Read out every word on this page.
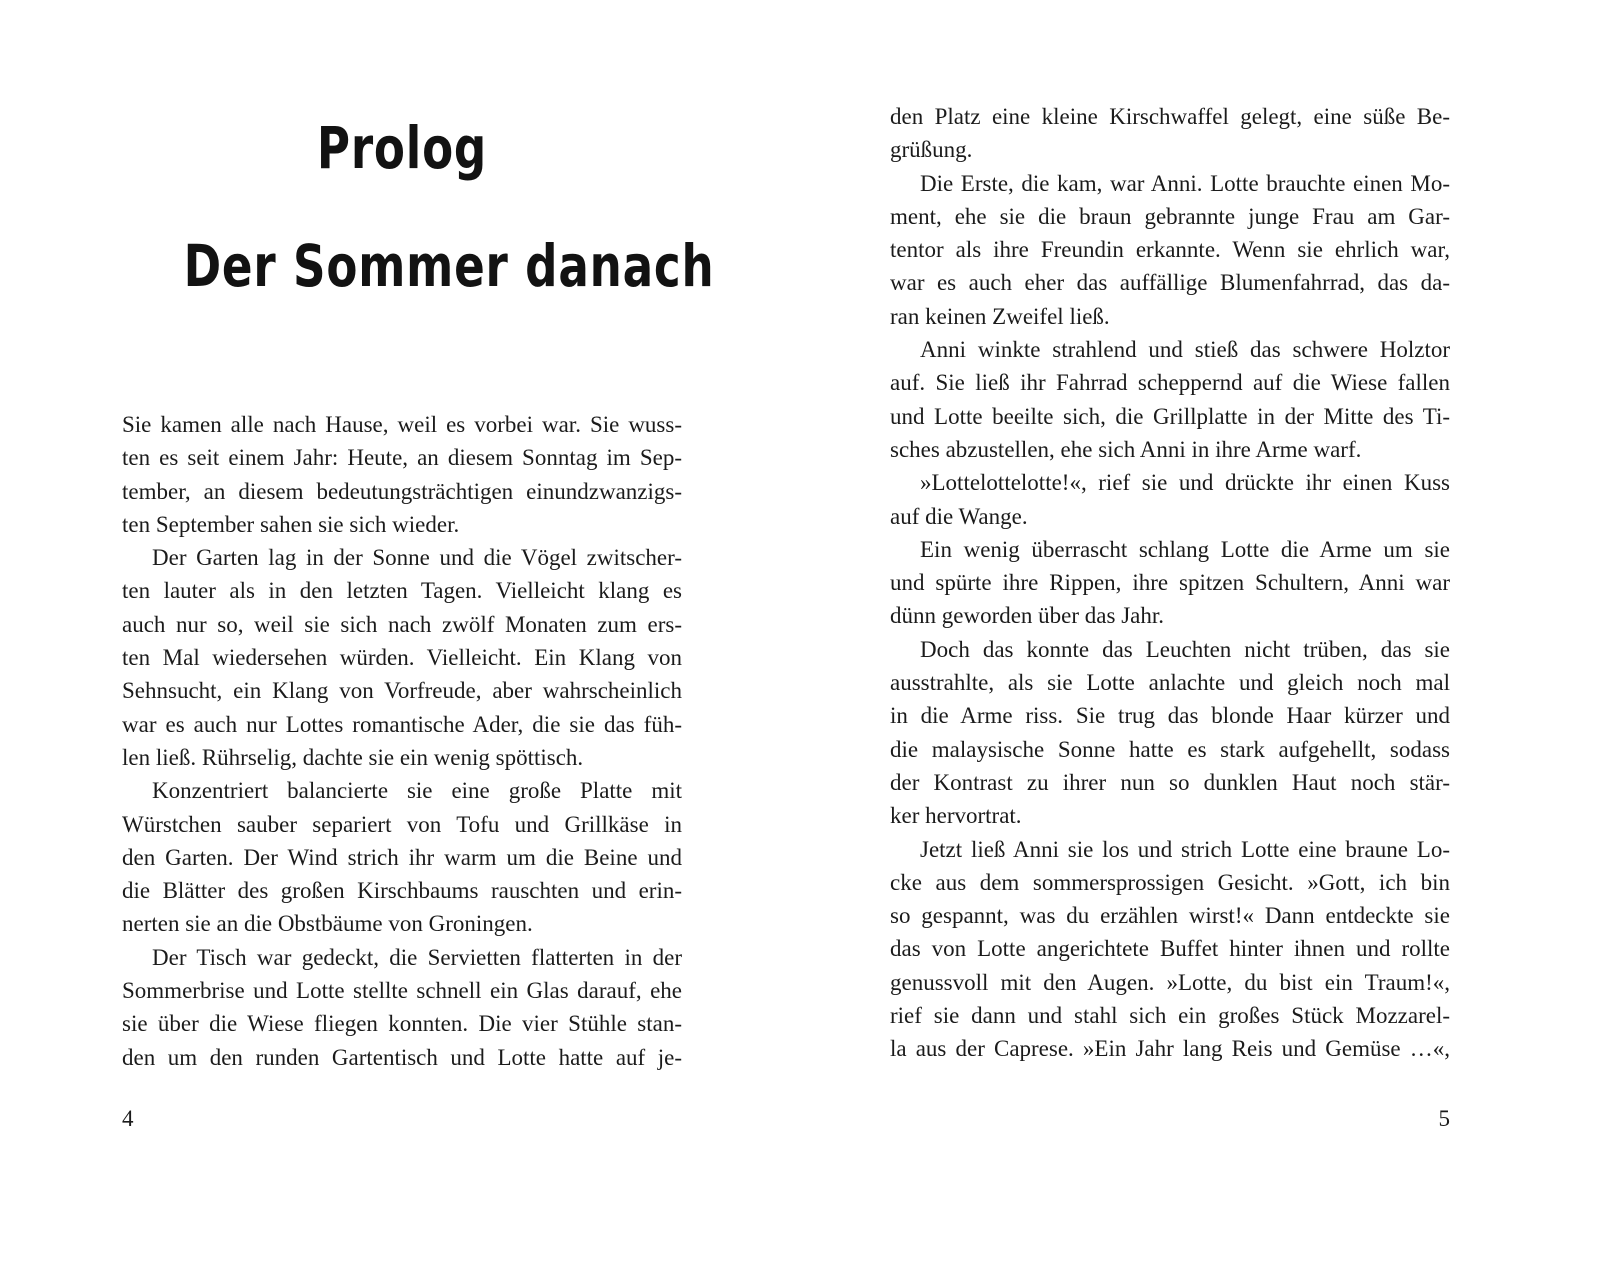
Prolog
Der Sommer danach
Sie kamen alle nach Hause, weil es vorbei war. Sie wuss-
ten es seit einem Jahr: Heute, an diesem Sonntag im Sep-
tember, an diesem bedeutungsträchtigen einundzwanzigs-
ten September sahen sie sich wieder.
Der Garten lag in der Sonne und die Vögel zwitscher-
ten lauter als in den letzten Tagen. Vielleicht klang es
auch nur so, weil sie sich nach zwölf Monaten zum ers-
ten Mal wiedersehen würden. Vielleicht. Ein Klang von
Sehnsucht, ein Klang von Vorfreude, aber wahrscheinlich
war es auch nur Lottes romantische Ader, die sie das füh-
len ließ. Rührselig, dachte sie ein wenig spöttisch.
Konzentriert balancierte sie eine große Platte mit
Würstchen sauber separiert von Tofu und Grillkäse in
den Garten. Der Wind strich ihr warm um die Beine und
die Blätter des großen Kirschbaums rauschten und erin-
nerten sie an die Obstbäume von Groningen.
Der Tisch war gedeckt, die Servietten flatterten in der
Sommerbrise und Lotte stellte schnell ein Glas darauf, ehe
sie über die Wiese fliegen konnten. Die vier Stühle stan-
den um den runden Gartentisch und Lotte hatte auf je-
4
den Platz eine kleine Kirschwaffel gelegt, eine süße Be-
grüßung.
Die Erste, die kam, war Anni. Lotte brauchte einen Mo-
ment, ehe sie die braun gebrannte junge Frau am Gar-
tentor als ihre Freundin erkannte. Wenn sie ehrlich war,
war es auch eher das auffällige Blumenfahrrad, das da-
ran keinen Zweifel ließ.
Anni winkte strahlend und stieß das schwere Holztor
auf. Sie ließ ihr Fahrrad scheppernd auf die Wiese fallen
und Lotte beeilte sich, die Grillplatte in der Mitte des Ti-
sches abzustellen, ehe sich Anni in ihre Arme warf.
»Lottelottelotte!«, rief sie und drückte ihr einen Kuss
auf die Wange.
Ein wenig überrascht schlang Lotte die Arme um sie
und spürte ihre Rippen, ihre spitzen Schultern, Anni war
dünn geworden über das Jahr.
Doch das konnte das Leuchten nicht trüben, das sie
ausstrahlte, als sie Lotte anlachte und gleich noch mal
in die Arme riss. Sie trug das blonde Haar kürzer und
die malaysische Sonne hatte es stark aufgehellt, sodass
der Kontrast zu ihrer nun so dunklen Haut noch stär-
ker hervortrat.
Jetzt ließ Anni sie los und strich Lotte eine braune Lo-
cke aus dem sommersprossigen Gesicht. »Gott, ich bin
so gespannt, was du erzählen wirst!« Dann entdeckte sie
das von Lotte angerichtete Buffet hinter ihnen und rollte
genussvoll mit den Augen. »Lotte, du bist ein Traum!«,
rief sie dann und stahl sich ein großes Stück Mozzarel-
la aus der Caprese. »Ein Jahr lang Reis und Gemüse …«,
5
